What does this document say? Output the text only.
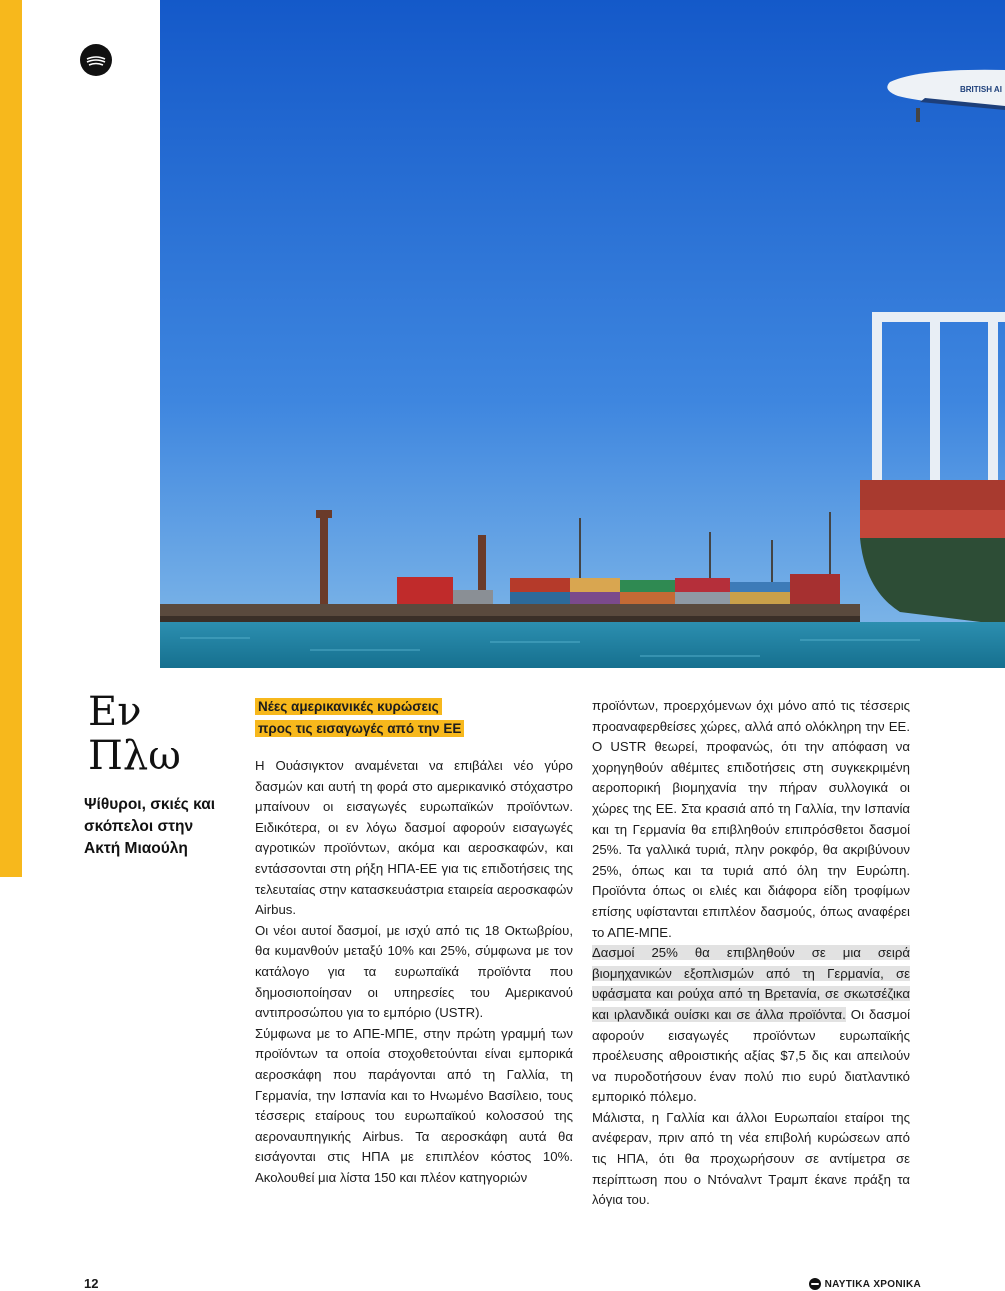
BRITISH AI
Εν
Πλω

Ψίθυροι, σκιές και σκόπελοι στην Ακτή Μιαούλη

Νέες αμερικανικές κυρώσεις
προς τις εισαγωγές από την ΕΕ

Η Ουάσιγκτον αναμένεται να επιβάλει νέο γύρο δασμών και αυτή τη φορά στο αμερικανικό στόχαστρο μπαίνουν οι εισαγωγές ευρωπαϊκών προϊόντων. Ειδικότερα, οι εν λόγω δασμοί αφορούν εισαγωγές αγροτικών προϊόντων, ακόμα και αεροσκαφών, και εντάσσονται στη ρήξη ΗΠΑ-ΕΕ για τις επιδοτήσεις της τελευταίας στην κατασκευάστρια εταιρεία αεροσκαφών Airbus.

Οι νέοι αυτοί δασμοί, με ισχύ από τις 18 Οκτωβρίου, θα κυμανθούν μεταξύ 10% και 25%, σύμφωνα με τον κατάλογο για τα ευρωπαϊκά προϊόντα που δημοσιοποίησαν οι υπηρεσίες του Αμερικανού αντιπροσώπου για το εμπόριο (USTR).

Σύμφωνα με το ΑΠΕ-ΜΠΕ, στην πρώτη γραμμή των προϊόντων τα οποία στοχοθετούνται είναι εμπορικά αεροσκάφη που παράγονται από τη Γαλλία, τη Γερμανία, την Ισπανία και το Ηνωμένο Βασίλειο, τους τέσσερις εταίρους του ευρωπαϊκού κολοσσού της αεροναυπηγικής Airbus. Τα αεροσκάφη αυτά θα εισάγονται στις ΗΠΑ με επιπλέον κόστος 10%. Ακολουθεί μια λίστα 150 και πλέον κατηγοριών

προϊόντων, προερχόμενων όχι μόνο από τις τέσσερις προαναφερθείσες χώρες, αλλά από ολόκληρη την ΕΕ. Ο USTR θεωρεί, προφανώς, ότι την απόφαση να χορηγηθούν αθέμιτες επιδοτήσεις στη συγκεκριμένη αεροπορική βιομηχανία την πήραν συλλογικά οι χώρες της ΕΕ. Στα κρασιά από τη Γαλλία, την Ισπανία και τη Γερμανία θα επιβληθούν επιπρόσθετοι δασμοί 25%. Τα γαλλικά τυριά, πλην ροκφόρ, θα ακριβύνουν 25%, όπως και τα τυριά από όλη την Ευρώπη. Προϊόντα όπως οι ελιές και διάφορα είδη τροφίμων επίσης υφίστανται επιπλέον δασμούς, όπως αναφέρει το ΑΠΕ-ΜΠΕ.

Δασμοί 25% θα επιβληθούν σε μια σειρά βιομηχανικών εξοπλισμών από τη Γερμανία, σε υφάσματα και ρούχα από τη Βρετανία, σε σκωτσέζικα και ιρλανδικά ουίσκι και σε άλλα προϊόντα. Οι δασμοί αφορούν εισαγωγές προϊόντων ευρωπαϊκής προέλευσης αθροιστικής αξίας $7,5 δις και απειλούν να πυροδοτήσουν έναν πολύ πιο ευρύ διατλαντικό εμπορικό πόλεμο.

Μάλιστα, η Γαλλία και άλλοι Ευρωπαίοι εταίροι της ανέφεραν, πριν από τη νέα επιβολή κυρώσεων από τις ΗΠΑ, ότι θα προχωρήσουν σε αντίμετρα σε περίπτωση που ο Ντόναλντ Τραμπ έκανε πράξη τα λόγια του.

12	ΝΑΥΤΙΚΑ ΧΡΟΝΙΚΑ
